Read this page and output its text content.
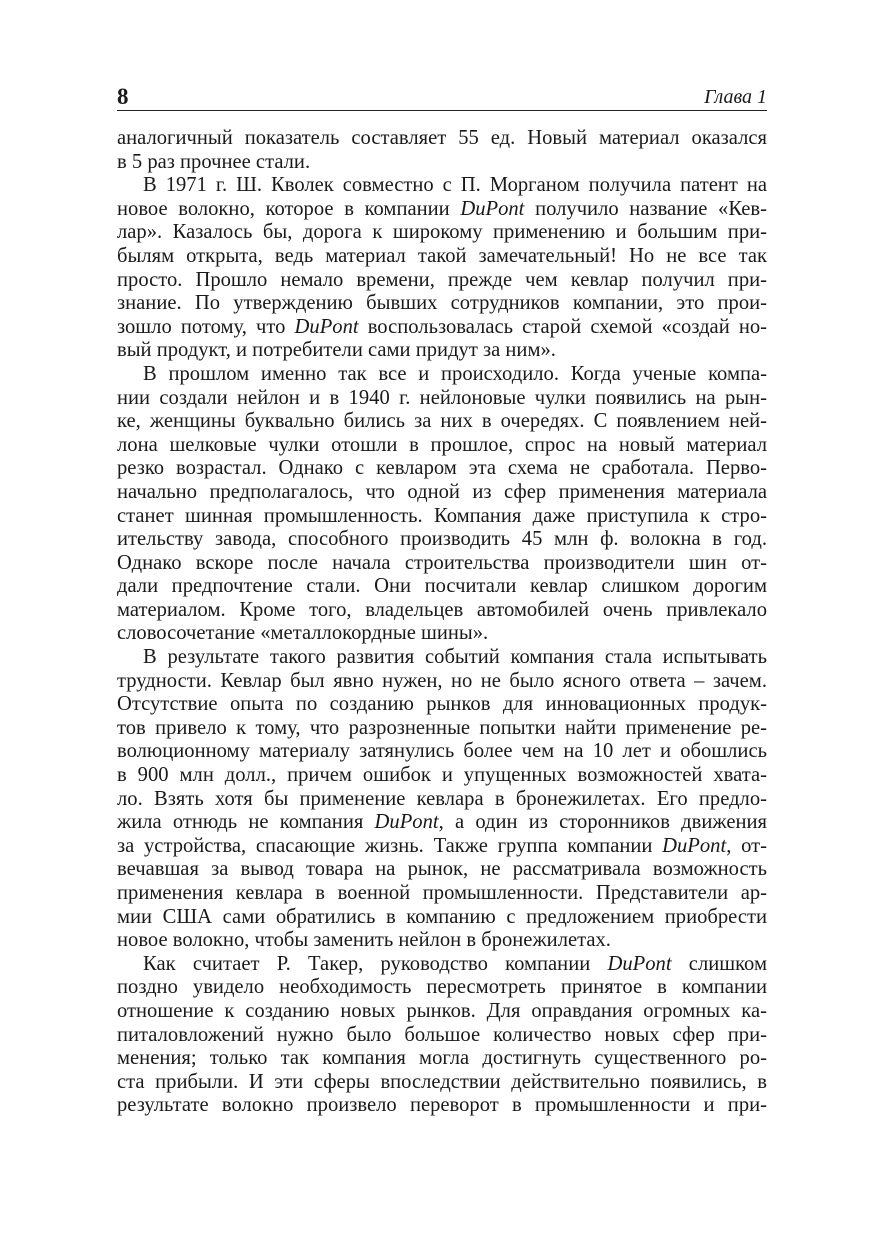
8	Глава 1
аналогичный показатель составляет 55 ед. Новый материал оказался
в 5 раз прочнее стали.
В 1971 г. Ш. Кволек совместно с П. Морганом получила патент на
новое волокно, которое в компании DuPont получило название «Кев-
лар». Казалось бы, дорога к широкому применению и большим при-
былям открыта, ведь материал такой замечательный! Но не все так
просто. Прошло немало времени, прежде чем кевлар получил при-
знание. По утверждению бывших сотрудников компании, это прои-
зошло потому, что DuPont воспользовалась старой схемой «создай но-
вый продукт, и потребители сами придут за ним».
В прошлом именно так все и происходило. Когда ученые компа-
нии создали нейлон и в 1940 г. нейлоновые чулки появились на рын-
ке, женщины буквально бились за них в очередях. С появлением ней-
лона шелковые чулки отошли в прошлое, спрос на новый материал
резко возрастал. Однако с кевларом эта схема не сработала. Перво-
начально предполагалось, что одной из сфер применения материала
станет шинная промышленность. Компания даже приступила к стро-
ительству завода, способного производить 45 млн ф. волокна в год.
Однако вскоре после начала строительства производители шин от-
дали предпочтение стали. Они посчитали кевлар слишком дорогим
материалом. Кроме того, владельцев автомобилей очень привлекало
словосочетание «металлокордные шины».
В результате такого развития событий компания стала испытывать
трудности. Кевлар был явно нужен, но не было ясного ответа – зачем.
Отсутствие опыта по созданию рынков для инновационных продук-
тов привело к тому, что разрозненные попытки найти применение ре-
волюционному материалу затянулись более чем на 10 лет и обошлись
в 900 млн долл., причем ошибок и упущенных возможностей хвата-
ло. Взять хотя бы применение кевлара в бронежилетах. Его предло-
жила отнюдь не компания DuPont, а один из сторонников движения
за устройства, спасающие жизнь. Также группа компании DuPont, от-
вечавшая за вывод товара на рынок, не рассматривала возможность
применения кевлара в военной промышленности. Представители ар-
мии США сами обратились в компанию с предложением приобрести
новое волокно, чтобы заменить нейлон в бронежилетах.
Как считает Р. Такер, руководство компании DuPont слишком
поздно увидело необходимость пересмотреть принятое в компании
отношение к созданию новых рынков. Для оправдания огромных ка-
питаловложений нужно было большое количество новых сфер при-
менения; только так компания могла достигнуть существенного ро-
ста прибыли. И эти сферы впоследствии действительно появились, в
результате волокно произвело переворот в промышленности и при-
